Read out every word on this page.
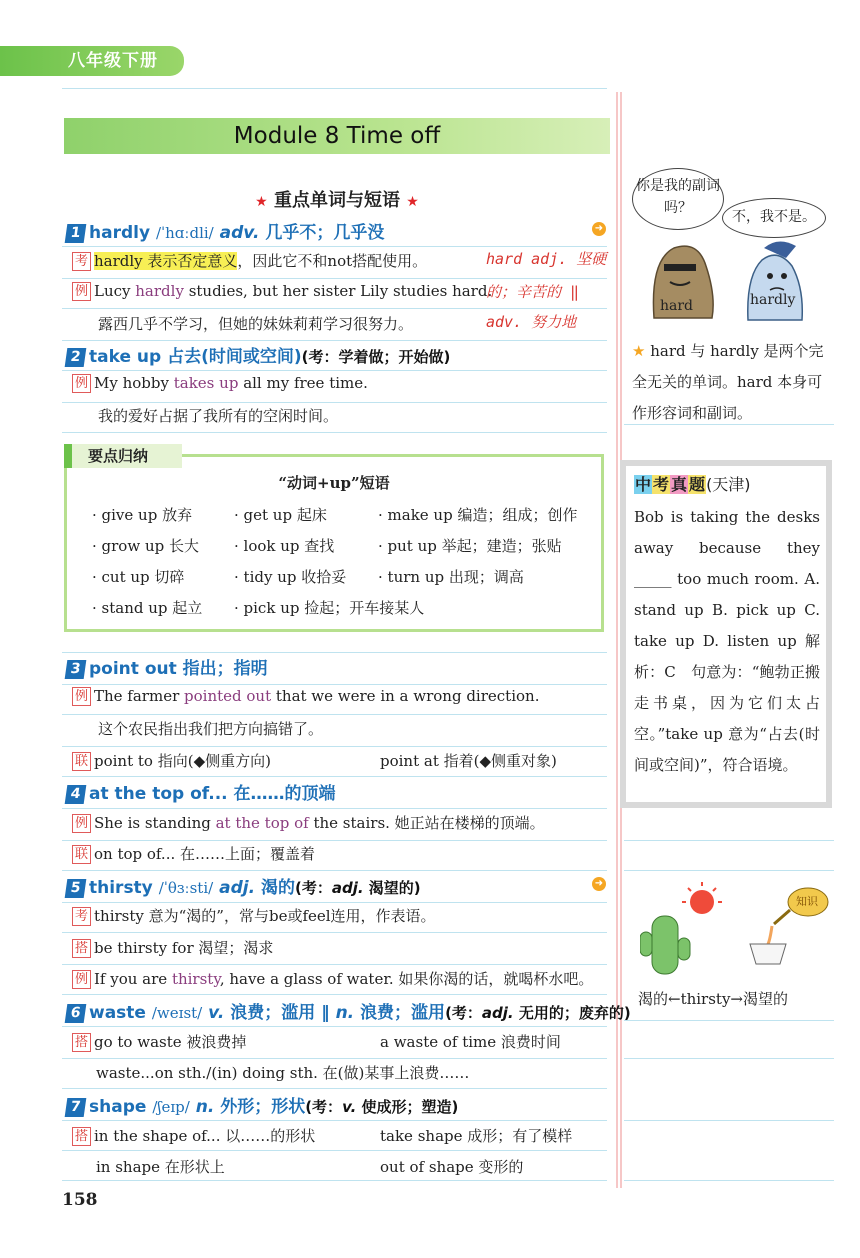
八年级下册
Module 8 Time off
★ 重点单词与短语 ★
1 hardly /ˈhɑːdli/ adv. 几乎不；几乎没	➜
考 hardly 表示否定意义，因此它不和not搭配使用。
例 Lucy hardly studies, but her sister Lily studies hard.
露西几乎不学习，但她的妹妹莉莉学习很努力。
hard adj. 坚硬
的；辛苦的 ‖
adv. 努力地
2 take up 占去(时间或空间)(考：学着做；开始做)
例 My hobby takes up all my free time.
我的爱好占据了我所有的空闲时间。
要点归纳
“动词+up”短语
· give up 放弃	· get up 起床	· make up 编造；组成；创作
· grow up 长大 · look up 查找	· put up 举起；建造；张贴
· cut up 切碎	· tidy up 收拾妥 · turn up 出现；调高
· stand up 起立 · pick up 捡起；开车接某人
3 point out 指出；指明
例 The farmer pointed out that we were in a wrong direction.
这个农民指出我们把方向搞错了。
联 point to 指向(◆侧重方向)	point at 指着(◆侧重对象)
4 at the top of... 在……的顶端
例 She is standing at the top of the stairs. 她正站在楼梯的顶端。
联 on top of... 在……上面；覆盖着
5 thirsty /ˈθɜːsti/ adj. 渴的(考：adj. 渴望的)	➜
考 thirsty 意为“渴的”，常与be或feel连用，作表语。
搭 be thirsty for 渴望；渴求
例 If you are thirsty, have a glass of water. 如果你渴的话，就喝杯水吧。
6 waste /weɪst/ v. 浪费；滥用 ‖ n. 浪费；滥用(考：adj. 无用的；废弃的)
搭 go to waste 被浪费掉	a waste of time 浪费时间
waste...on sth./(in) doing sth. 在(做)某事上浪费……
7 shape /ʃeɪp/ n. 外形；形状(考：v. 使成形；塑造)
搭 in the shape of... 以……的形状	take shape 成形；有了模样
in shape 在形状上	out of shape 变形的
你是我的副词吗？
不，我不是。
hard	hardly
★ hard 与 hardly 是两个完全无关的单词。hard 本身可作形容词和副词。
中 考 真 题(天津)
Bob is taking the desks away because they _____ too much room. A. stand up B. pick up C. take up D. listen up 解析：C　句意为：“鲍勃正搬走书桌，因为它们太占空。”take up 意为“占去(时间或空间)”，符合语境。
知识
渴的←thirsty→渴望的
158
